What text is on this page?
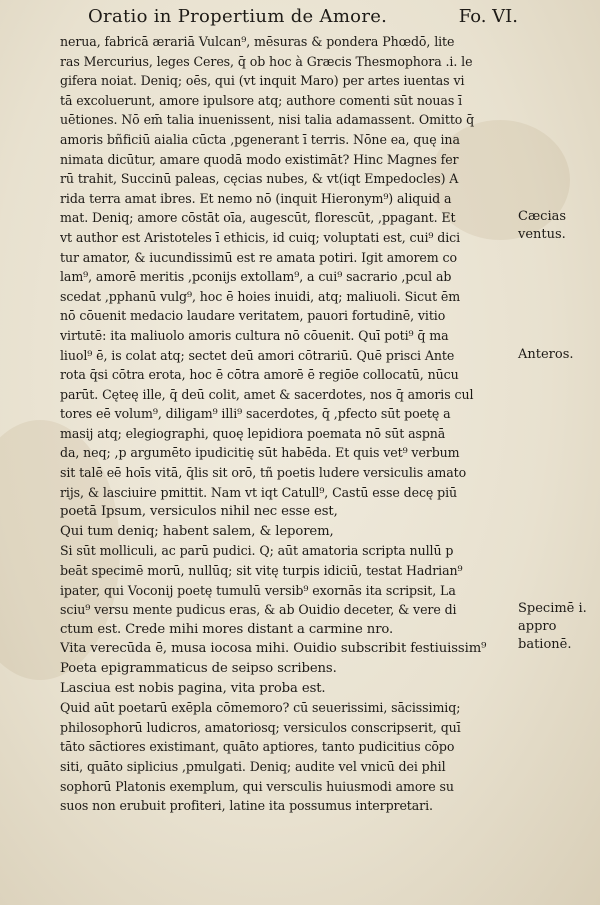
Oratio in Propertium de Amore.	Fo. VI.
nerua, fabricā ærariā Vulcan⁹, mēsuras & pondera Phœdō, lite
ras Mercurius, leges Ceres, q̄ ob hoc à Græcis Thesmophora .i. le
gifera noiat. Deniq; oēs, qui (vt inquit Maro) per artes iuentas vi
tā excoluerunt, amore ipulsore atq; authore comenti sūt nouas ī
uētiones. Nō em̄ talia inuenissent, nisi talia adamassent. Omitto q̄
amoris bñficiū aialia cūcta ,pgenerant ī terris. Nōne ea, quę ina
nimata dicūtur, amare quodā modo existimāt? Hinc Magnes fer
rū trahit, Succinū paleas, cęcias nubes, & vt(iqt Empedocles) A
rida terra amat ibres. Et nemo nō (inquit Hieronym⁹) aliquid a
mat. Deniq; amore cōstāt oīa, augescūt, florescūt, ,ppagant. Et
vt author est Aristoteles ī ethicis, id cuiq; voluptati est, cui⁹ dici
tur amator, & iucundissimū est re amata potiri. Igit amorem co
lam⁹, amorē meritis ,pconijs extollam⁹, a cui⁹ sacrario ,pcul ab
scedat ,pphanū vulg⁹, hoc ē hoies inuidi, atq; maliuoli. Sicut ēm
nō cōuenit medacio laudare veritatem, pauori fortudinē, vitio
virtutē: ita maliuolo amoris cultura nō cōuenit. Quī poti⁹ q̄ ma
liuol⁹ ē, is colat atq; sectet deū amori cōtrariū. Quē prisci Ante
rota q̄si cōtra erota, hoc ē cōtra amorē ē regiōe collocatū, nūcu
parūt. Cęteę ille, q̄ deū colit, amet & sacerdotes, nos q̄ amoris cul
tores eē volum⁹, diligam⁹ illi⁹ sacerdotes, q̄ ,pfecto sūt poetę a
masij atq; elegiographi, quoę lepidiora poemata nō sūt aspnā
da, neq; ,p argumēto ipudicitię sūt habēda. Et quis vet⁹ verbum
sit talē eē hoīs vitā, q̄lis sit orō, tñ poetis ludere versiculis amato
rijs, & lasciuire pmittit. Nam vt iqt Catull⁹, Castū esse decę piū
poetā Ipsum, versiculos nihil nec esse est,
Qui tum deniq; habent salem, & leporem,
Si sūt molliculi, ac parū pudici. Q; aūt amatoria scripta nullū p
beāt specimē morū, nullūq; sit vitę turpis idiciū, testat Hadrian⁹
ipater, qui Voconij poetę tumulū versib⁹ exornās ita scripsit, La
sciu⁹ versu mente pudicus eras, & ab Ouidio deceter, & vere di
ctum est. Crede mihi mores distant a carmine nro.
Vita verecūda ē, musa iocosa mihi. Ouidio subscribit festiuissim⁹
Poeta epigrammaticus de seipso scribens.
Lasciua est nobis pagina, vita proba est.
Quid aūt poetarū exēpla cōmemoro? cū seuerissimi, sācissimiq;
philosophorū ludicros, amatoriosq; versiculos conscripserit, quī
tāto sāctiores existimant, quāto aptiores, tanto pudicitius cōpo
siti, quāto siplicius ,pmulgati. Deniq; audite vel vnicū dei phil
sophorū Platonis exemplum, qui versculis huiusmodi amore su
suos non erubuit profiteri, latine ita possumus interpretari.
Cæcias ventus.
Anteros.
Specimē i. appro bationē.
